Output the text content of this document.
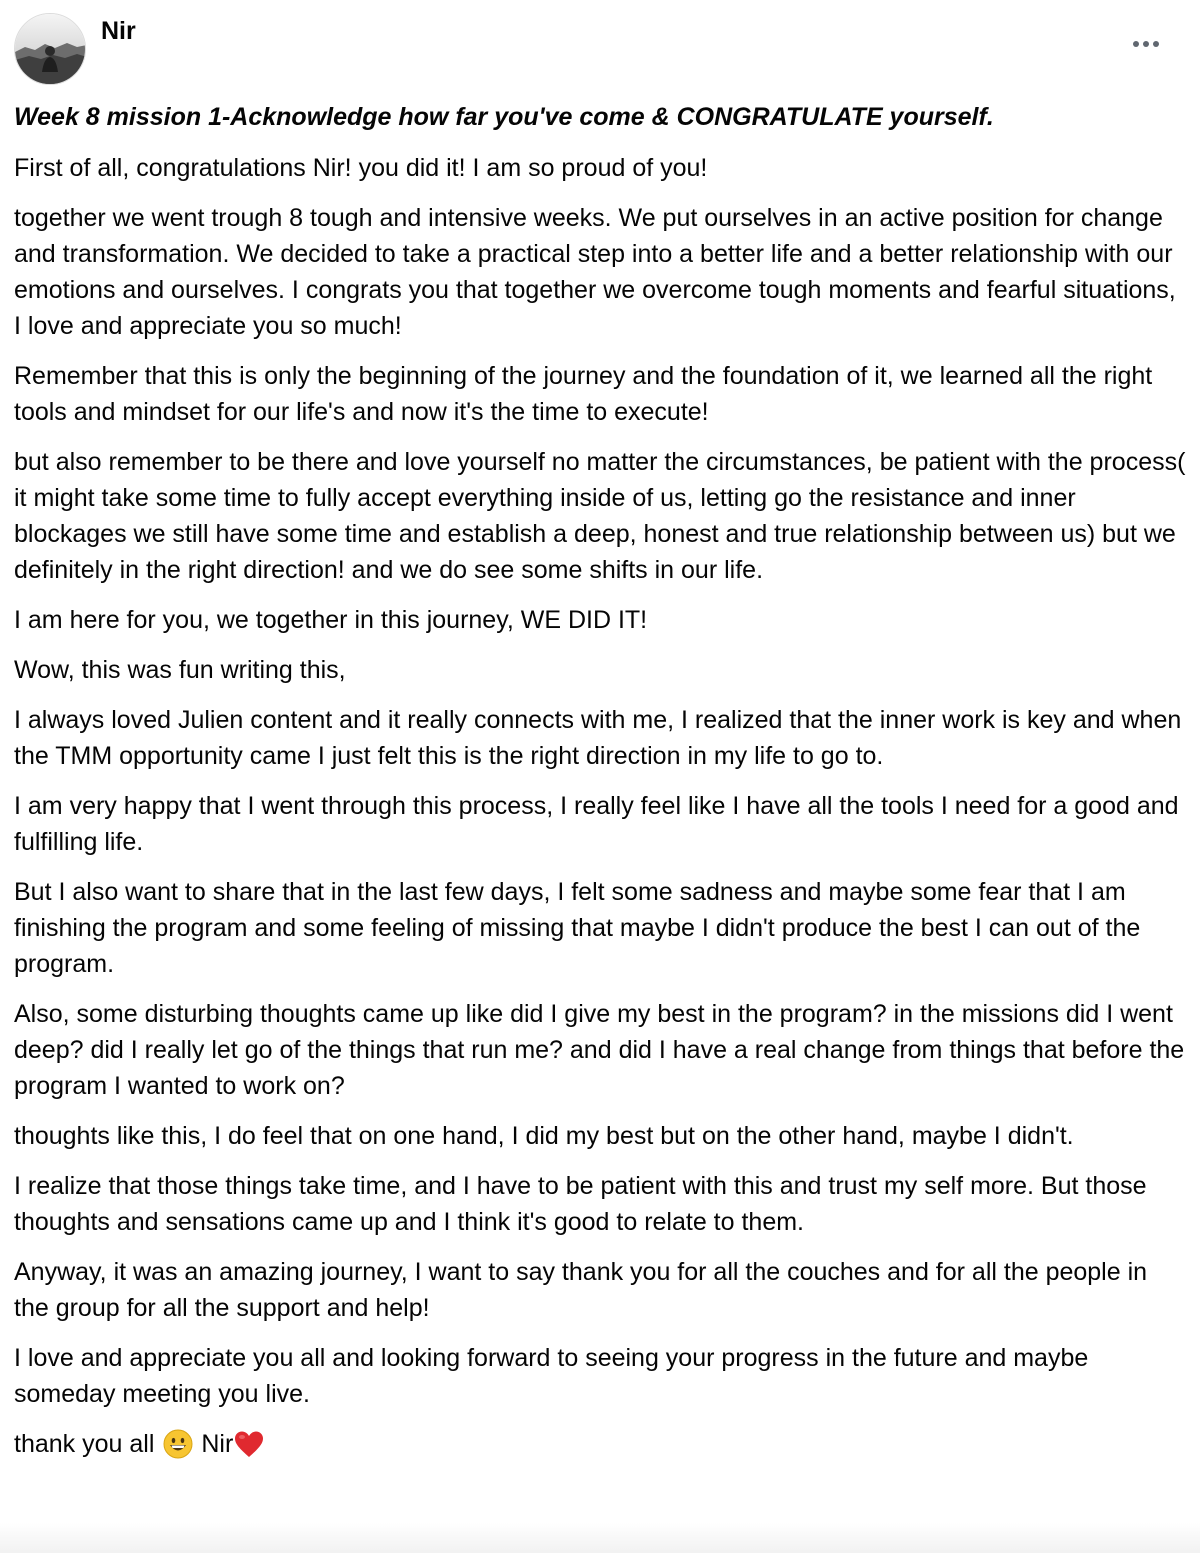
Nir
Week 8 mission 1-Acknowledge how far you've come & CONGRATULATE yourself.

First of all, congratulations Nir! you did it! I am so proud of you!

together we went trough 8 tough and intensive weeks. We put ourselves in an active position for change and transformation. We decided to take a practical step into a better life and a better relationship with our emotions and ourselves. I congrats you that together we overcome tough moments and fearful situations, I love and appreciate you so much!

Remember that this is only the beginning of the journey and the foundation of it, we learned all the right tools and mindset for our life's and now it's the time to execute!

but also remember to be there and love yourself no matter the circumstances, be patient with the process( it might take some time to fully accept everything inside of us, letting go the resistance and inner blockages we still have some time and establish a deep, honest and true relationship between us) but we definitely in the right direction! and we do see some shifts in our life.

I am here for you, we together in this journey, WE DID IT!

Wow, this was fun writing this,

I always loved Julien content and it really connects with me, I realized that the inner work is key and when the TMM opportunity came I just felt this is the right direction in my life to go to.

I am very happy that I went through this process, I really feel like I have all the tools I need for a good and fulfilling life.

But I also want to share that in the last few days, I felt some sadness and maybe some fear that I am finishing the program and some feeling of missing that maybe I didn't produce the best I can out of the program.

Also, some disturbing thoughts came up like did I give my best in the program? in the missions did I went deep? did I really let go of the things that run me? and did I have a real change from things that before the program I wanted to work on?

thoughts like this, I do feel that on one hand, I did my best but on the other hand, maybe I didn't.

I realize that those things take time, and I have to be patient with this and trust my self more. But those thoughts and sensations came up and I think it's good to relate to them.

Anyway, it was an amazing journey, I want to say thank you for all the couches and for all the people in the group for all the support and help!

I love and appreciate you all and looking forward to seeing your progress in the future and maybe someday meeting you live.

thank you all Nir
